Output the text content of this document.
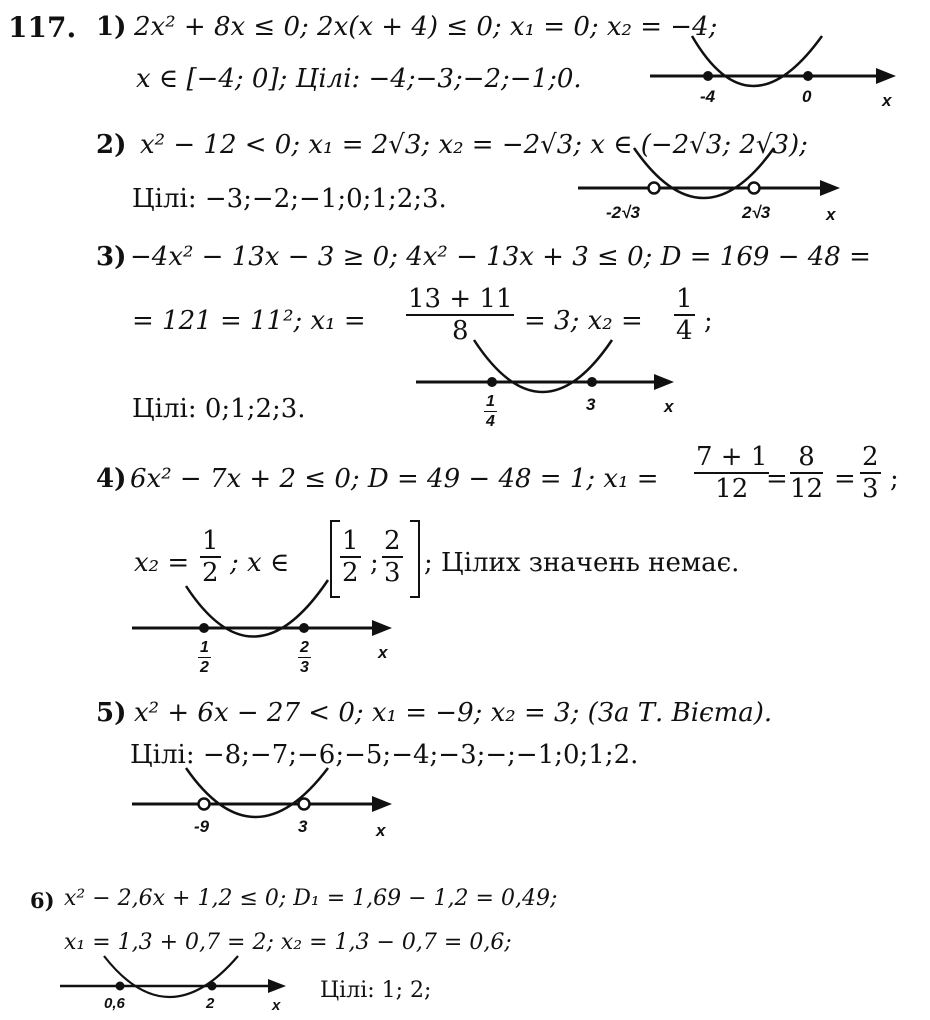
117. 1) 2x² + 8x ≤ 0; 2x(x + 4) ≤ 0; x₁ = 0; x₂ = −4;
x ∈ [−4; 0]; Цілі: −4;−3;−2;−1;0.
-4	0	x
2) x² − 12 < 0; x₁ = 2√3; x₂ = −2√3; x ∈ (−2√3; 2√3);
Цілі: −3;−2;−1;0;1;2;3.	-2√3	2√3	x
3) −4x² − 13x − 3 ≥ 0; 4x² − 13x + 3 ≤ 0; D = 169 − 48 =
= 121 = 11²; $x_1 = \frac{13 + 11}{8} = 3$; $x_2 = \frac{1}{4}$ ;
Цілі: 0;1;2;3.	$\frac{1}{4}$	3	x
4) 6x² − 7x + 2 ≤ 0; D = 49 − 48 = 1; $x_1 = \frac{7 + 1}{12}$
= $\frac{8}{12} = \frac{2}{3}$ ;
$x_2 = \frac{1}{2}$ ; x ∈ $\frac{1}{2}$ ; $\frac{2}{3}$ ; Цілих значень немає.
$\frac{1}{2}$	$\frac{2}{3}$	x
5) x² + 6x − 27 < 0; x₁ = −9; x₂ = 3; (За Т. Вієта).
Цілі: −8;−7;−6;−5;−4;−3;−;−1;0;1;2.
-9	3	x
6) x² − 2,6x + 1,2 ≤ 0; D₁ = 1,69 − 1,2 = 0,49;
x₁ = 1,3 + 0,7 = 2; x₂ = 1,3 − 0,7 = 0,6;
Цілі: 1; 2;
0,6	2	x
